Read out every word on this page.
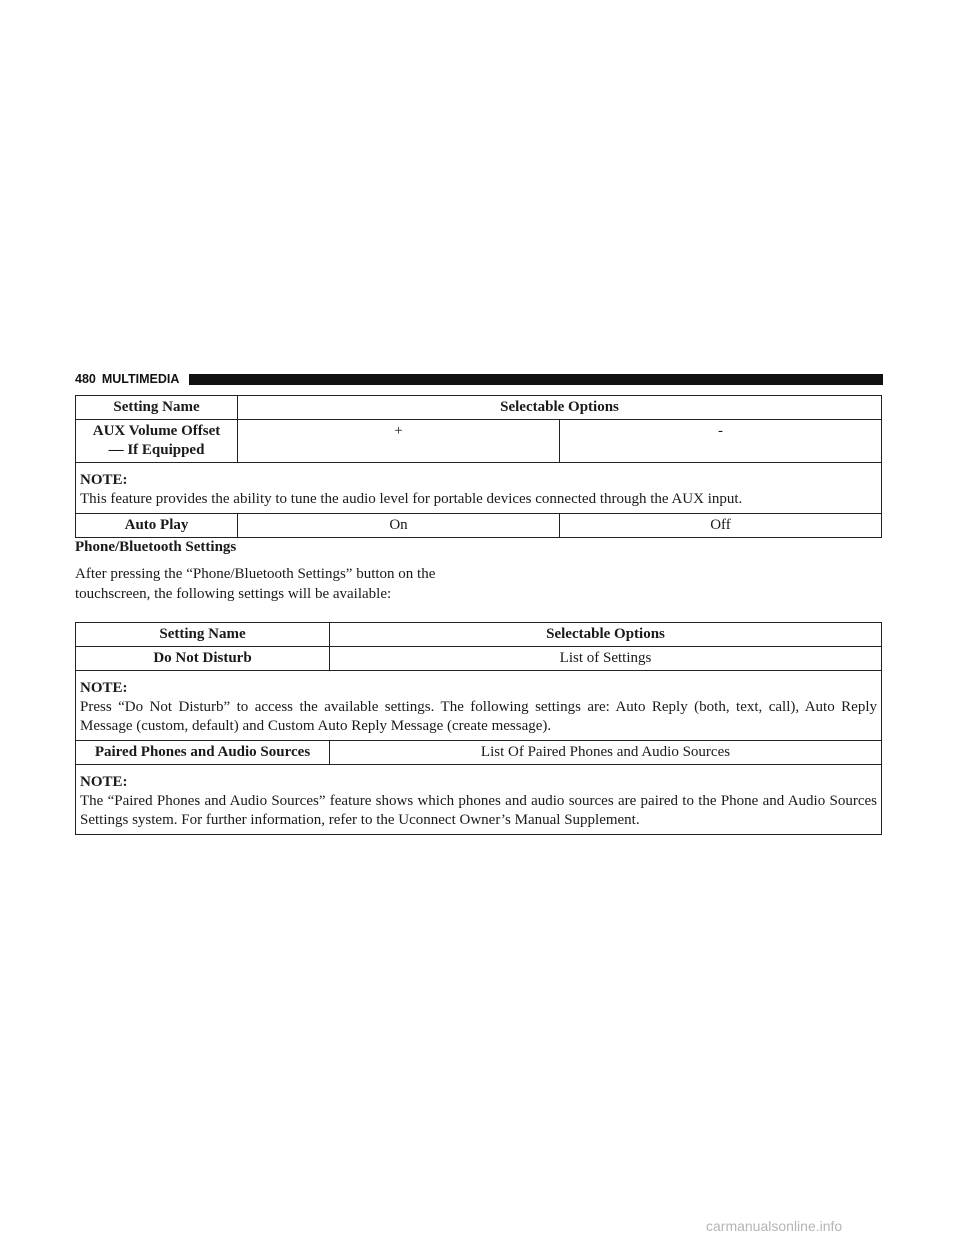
480 MULTIMEDIA
Setting Name	Selectable Options	
AUX Volume Offset
— If Equipped	+	-

NOTE:
This feature provides the ability to tune the audio level for portable devices connected through the AUX input.		
Auto Play	On	Off
Phone/Bluetooth Settings
After pressing the “Phone/Bluetooth Settings” button on the touchscreen, the following settings will be available:
Setting Name	Selectable Options
Do Not Disturb	List of Settings

NOTE:
Press “Do Not Disturb” to access the available settings. The following settings are: Auto Reply (both, text, call), Auto Reply Message (custom, default) and Custom Auto Reply Message (create message).	
Paired Phones and Audio Sources	List Of Paired Phones and Audio Sources

NOTE:
The “Paired Phones and Audio Sources” feature shows which phones and audio sources are paired to the Phone and Audio Sources Settings system. For further information, refer to the Uconnect Owner’s Manual Supplement.	
carmanualsonline.info
